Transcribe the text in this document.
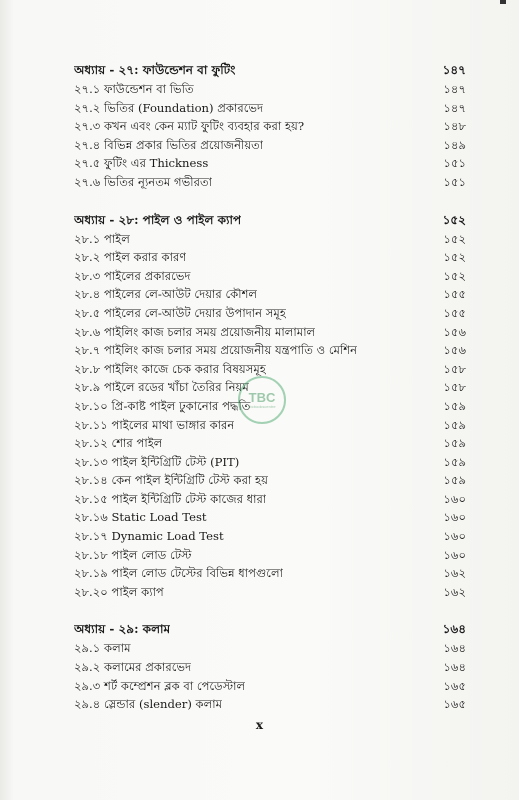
অধ্যায় - ২৭: ফাউন্ডেশন বা ফুটিং	১৪৭
২৭.১ ফাউন্ডেশন বা ভিতি	১৪৭
২৭.২ ভিতির (Foundation) প্রকারভেদ	১৪৭
২৭.৩ কখন এবং কেন ম্যাট ফুটিং ব্যবহার করা হয়?	১৪৮
২৭.৪ বিভিন্ন প্রকার ভিতির প্রয়োজনীয়তা	১৪৯
২৭.৫ ফুটিং এর Thickness	১৫১
২৭.৬ ভিতির ন্যূনতম গভীরতা	১৫১
অধ্যায় - ২৮: পাইল ও পাইল ক্যাপ	১৫২
২৮.১ পাইল	১৫২
২৮.২ পাইল করার কারণ	১৫২
২৮.৩ পাইলের প্রকারভেদ	১৫২
২৮.৪ পাইলের লে-আউট দেয়ার কৌশল	১৫৫
২৮.৫ পাইলের লে-আউট দেয়ার উপাদান সমূহ	১৫৫
২৮.৬ পাইলিং কাজ চলার সময় প্রয়োজনীয় মালামাল	১৫৬
২৮.৭ পাইলিং কাজ চলার সময় প্রয়োজনীয় যন্ত্রপাতি ও মেশিন	১৫৬
২৮.৮ পাইলিং কাজে চেক করার বিষয়সমূহ	১৫৮
২৮.৯ পাইলে রডের খাঁচা তৈরির নিয়ম	১৫৮
২৮.১০ প্রি-কাষ্ট পাইল ঢুকানোর পদ্ধতি	১৫৯
২৮.১১ পাইলের মাথা ভাঙ্গার কারন	১৫৯
২৮.১২ শোর পাইল	১৫৯
২৮.১৩ পাইল ইন্টিগ্রিটি টেস্ট (PIT)	১৫৯
২৮.১৪ কেন পাইল ইন্টিগ্রিটি টেস্ট করা হয়	১৫৯
২৮.১৫ পাইল ইন্টিগ্রিটি টেস্ট কাজের ধারা	১৬০
২৮.১৬ Static Load Test	১৬০
২৮.১৭ Dynamic Load Test	১৬০
২৮.১৮ পাইল লোড টেস্ট	১৬০
২৮.১৯ পাইল লোড টেস্টের বিভিন্ন ধাপগুলো	১৬২
২৮.২০ পাইল ক্যাপ	১৬২
অধ্যায় - ২৯: কলাম	১৬৪
২৯.১ কলাম	১৬৪
২৯.২ কলামের প্রকারভেদ	১৬৪
২৯.৩ শর্ট কম্প্রেশন ব্লক বা পেডেস্টাল	১৬৫
২৯.৪ স্লেন্ডার (slender) কলাম	১৬৫
TBC
tbcbookscentre
x
